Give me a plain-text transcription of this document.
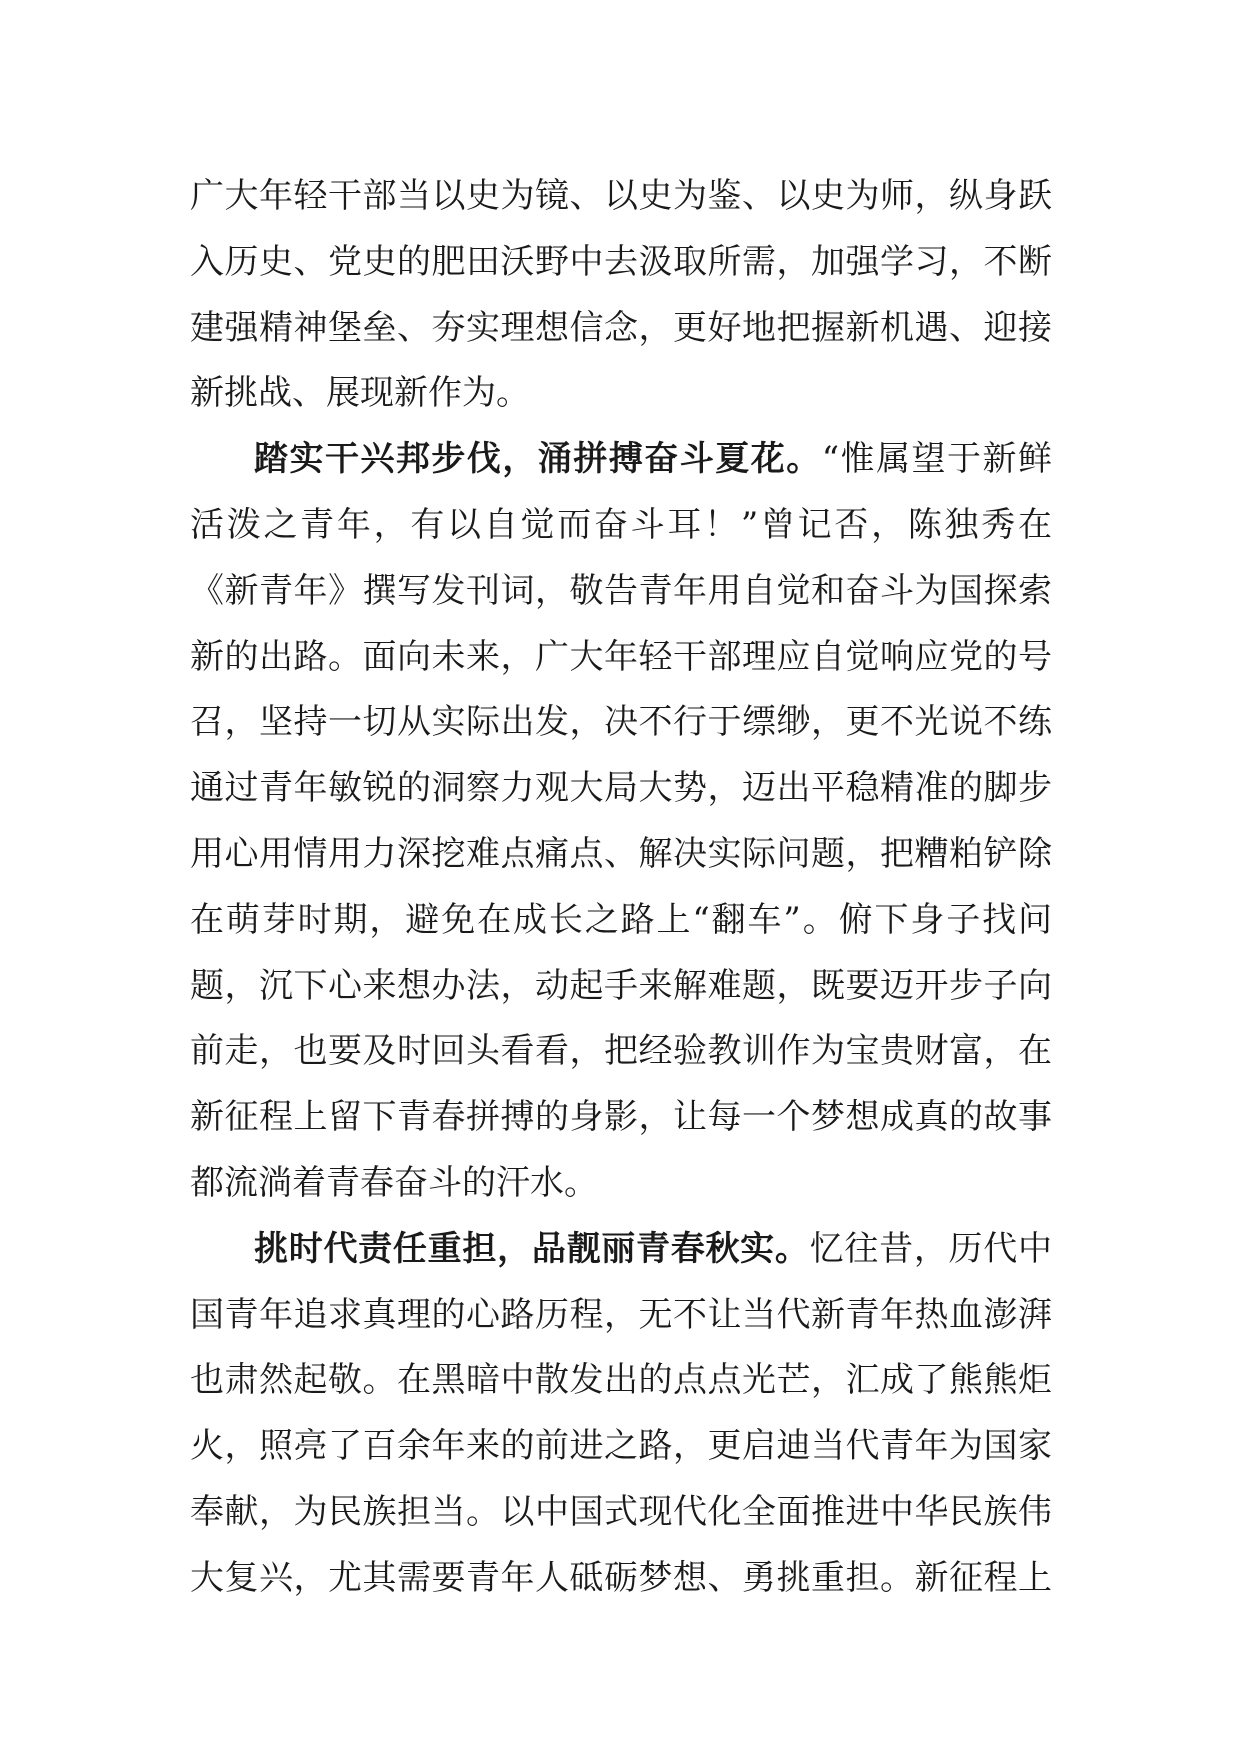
广大年轻干部当以史为镜、以史为鉴、以史为师，纵身跃
入历史、党史的肥田沃野中去汲取所需，加强学习，不断
建强精神堡垒、夯实理想信念，更好地把握新机遇、迎接
新挑战、展现新作为。
踏实干兴邦步伐，涌拼搏奋斗夏花。“惟属望于新鲜
活泼之青年，有以自觉而奋斗耳！”曾记否，陈独秀在
《新青年》撰写发刊词，敬告青年用自觉和奋斗为国探索
新的出路。面向未来，广大年轻干部理应自觉响应党的号
召，坚持一切从实际出发，决不行于缥缈，更不光说不练
通过青年敏锐的洞察力观大局大势，迈出平稳精准的脚步
用心用情用力深挖难点痛点、解决实际问题，把糟粕铲除
在萌芽时期，避免在成长之路上“翻车”。俯下身子找问
题，沉下心来想办法，动起手来解难题，既要迈开步子向
前走，也要及时回头看看，把经验教训作为宝贵财富，在
新征程上留下青春拼搏的身影，让每一个梦想成真的故事
都流淌着青春奋斗的汗水。
挑时代责任重担，品靓丽青春秋实。忆往昔，历代中
国青年追求真理的心路历程，无不让当代新青年热血澎湃
也肃然起敬。在黑暗中散发出的点点光芒，汇成了熊熊炬
火，照亮了百余年来的前进之路，更启迪当代青年为国家
奉献，为民族担当。以中国式现代化全面推进中华民族伟
大复兴，尤其需要青年人砥砺梦想、勇挑重担。新征程上
